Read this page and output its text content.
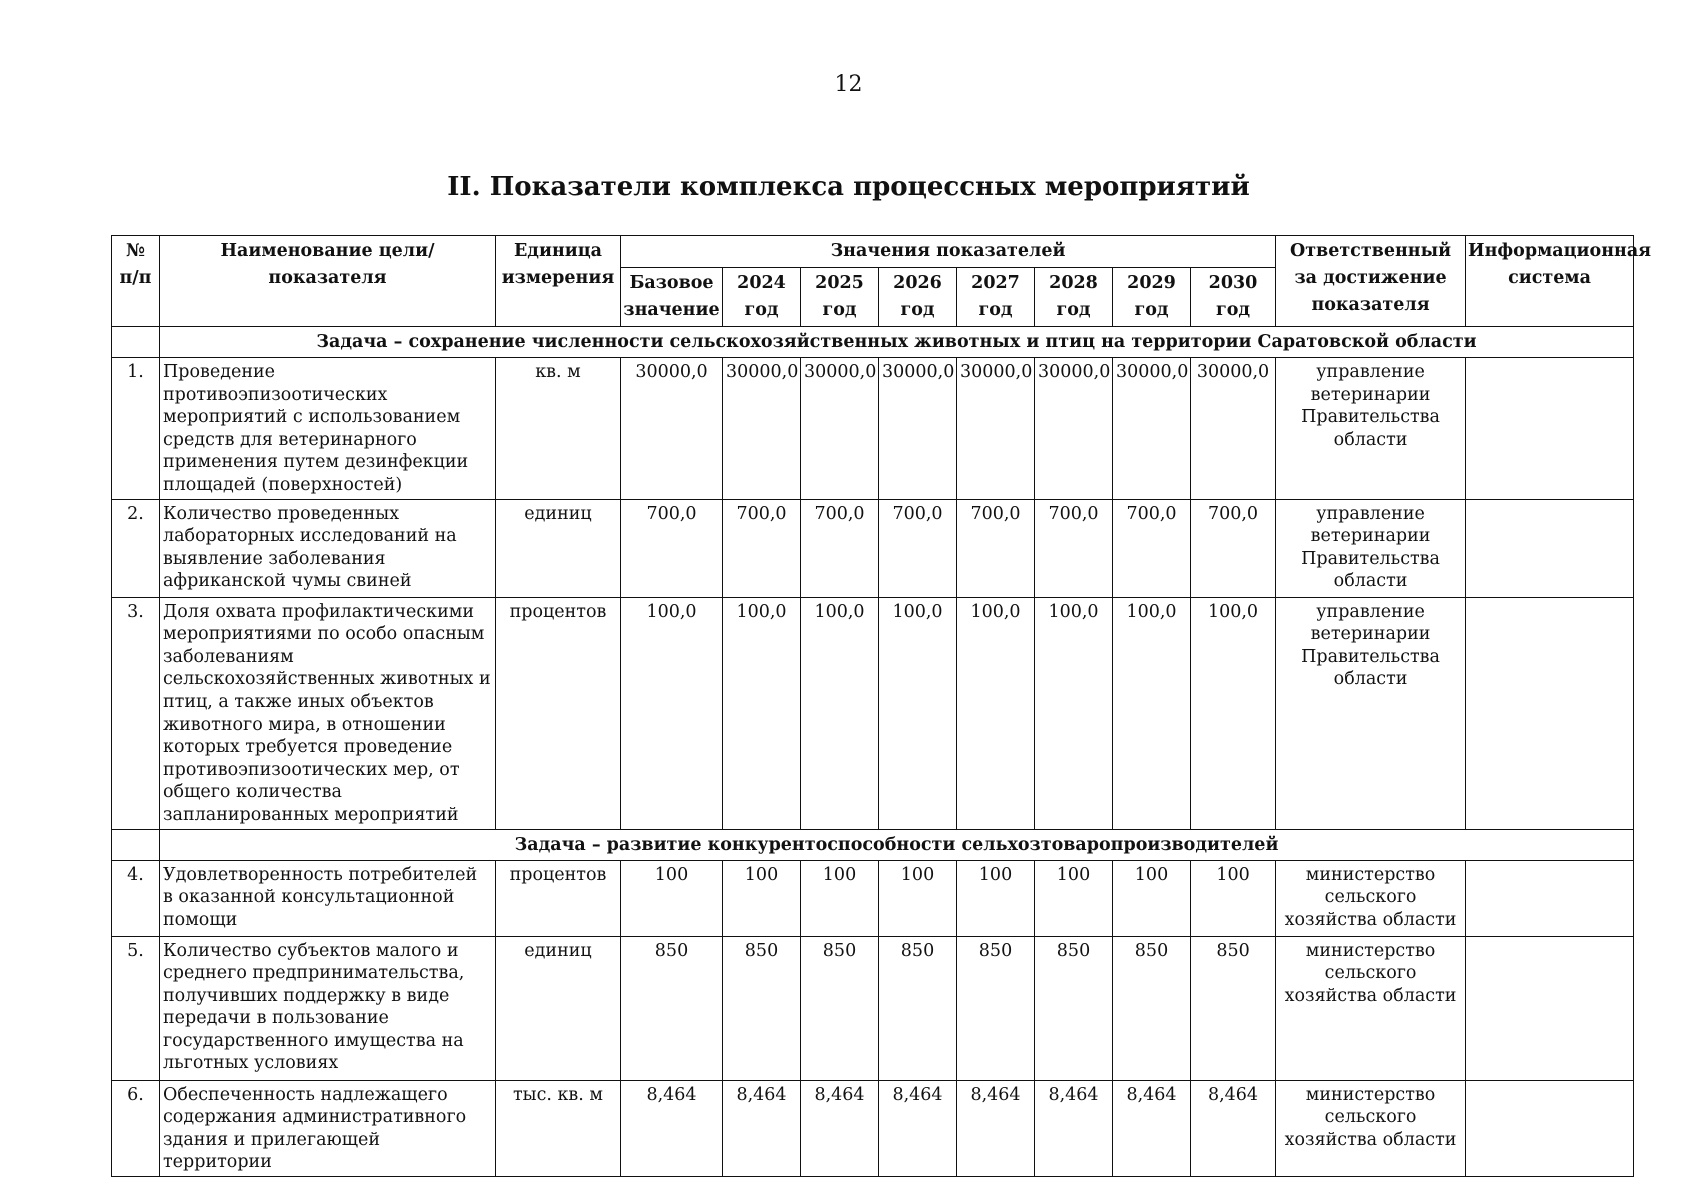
12
II. Показатели комплекса процессных мероприятий
№ п/п	Наименование цели/показателя	Единица измерения	Значения показателей								Ответственный за достижение показателя	Информационная система
			Базовое значение	2024 год	2025 год	2026 год	2027 год	2028 год	2029 год	2030 год		
	Задача – сохранение численности сельскохозяйственных животных и птиц на территории Саратовской области											
1.	Проведение противоэпизоотических мероприятий с использованием средств для ветеринарного применения путем дезинфекции площадей (поверхностей)	кв. м	30000,0	30000,0	30000,0	30000,0	30000,0	30000,0	30000,0	30000,0	управление ветеринарии Правительства области	
2.	Количество проведенных лабораторных исследований на выявление заболевания африканской чумы свиней	единиц	700,0	700,0	700,0	700,0	700,0	700,0	700,0	700,0	управление ветеринарии Правительства области	
3.	Доля охвата профилактическими мероприятиями по особо опасным заболеваниям сельскохозяйственных животных и птиц, а также иных объектов животного мира, в отношении которых требуется проведение противоэпизоотических мер, от общего количества запланированных мероприятий	процентов	100,0	100,0	100,0	100,0	100,0	100,0	100,0	100,0	управление ветеринарии Правительства области	
	Задача – развитие конкурентоспособности сельхозтоваропроизводителей											
4.	Удовлетворенность потребителей в оказанной консультационной помощи	процентов	100	100	100	100	100	100	100	100	министерство сельского хозяйства области	
5.	Количество субъектов малого и среднего предпринимательства, получивших поддержку в виде передачи в пользование государственного имущества на льготных условиях	единиц	850	850	850	850	850	850	850	850	министерство сельского хозяйства области	
6.	Обеспеченность надлежащего содержания административного здания и прилегающей территории	тыс. кв. м	8,464	8,464	8,464	8,464	8,464	8,464	8,464	8,464	министерство сельского хозяйства области	
